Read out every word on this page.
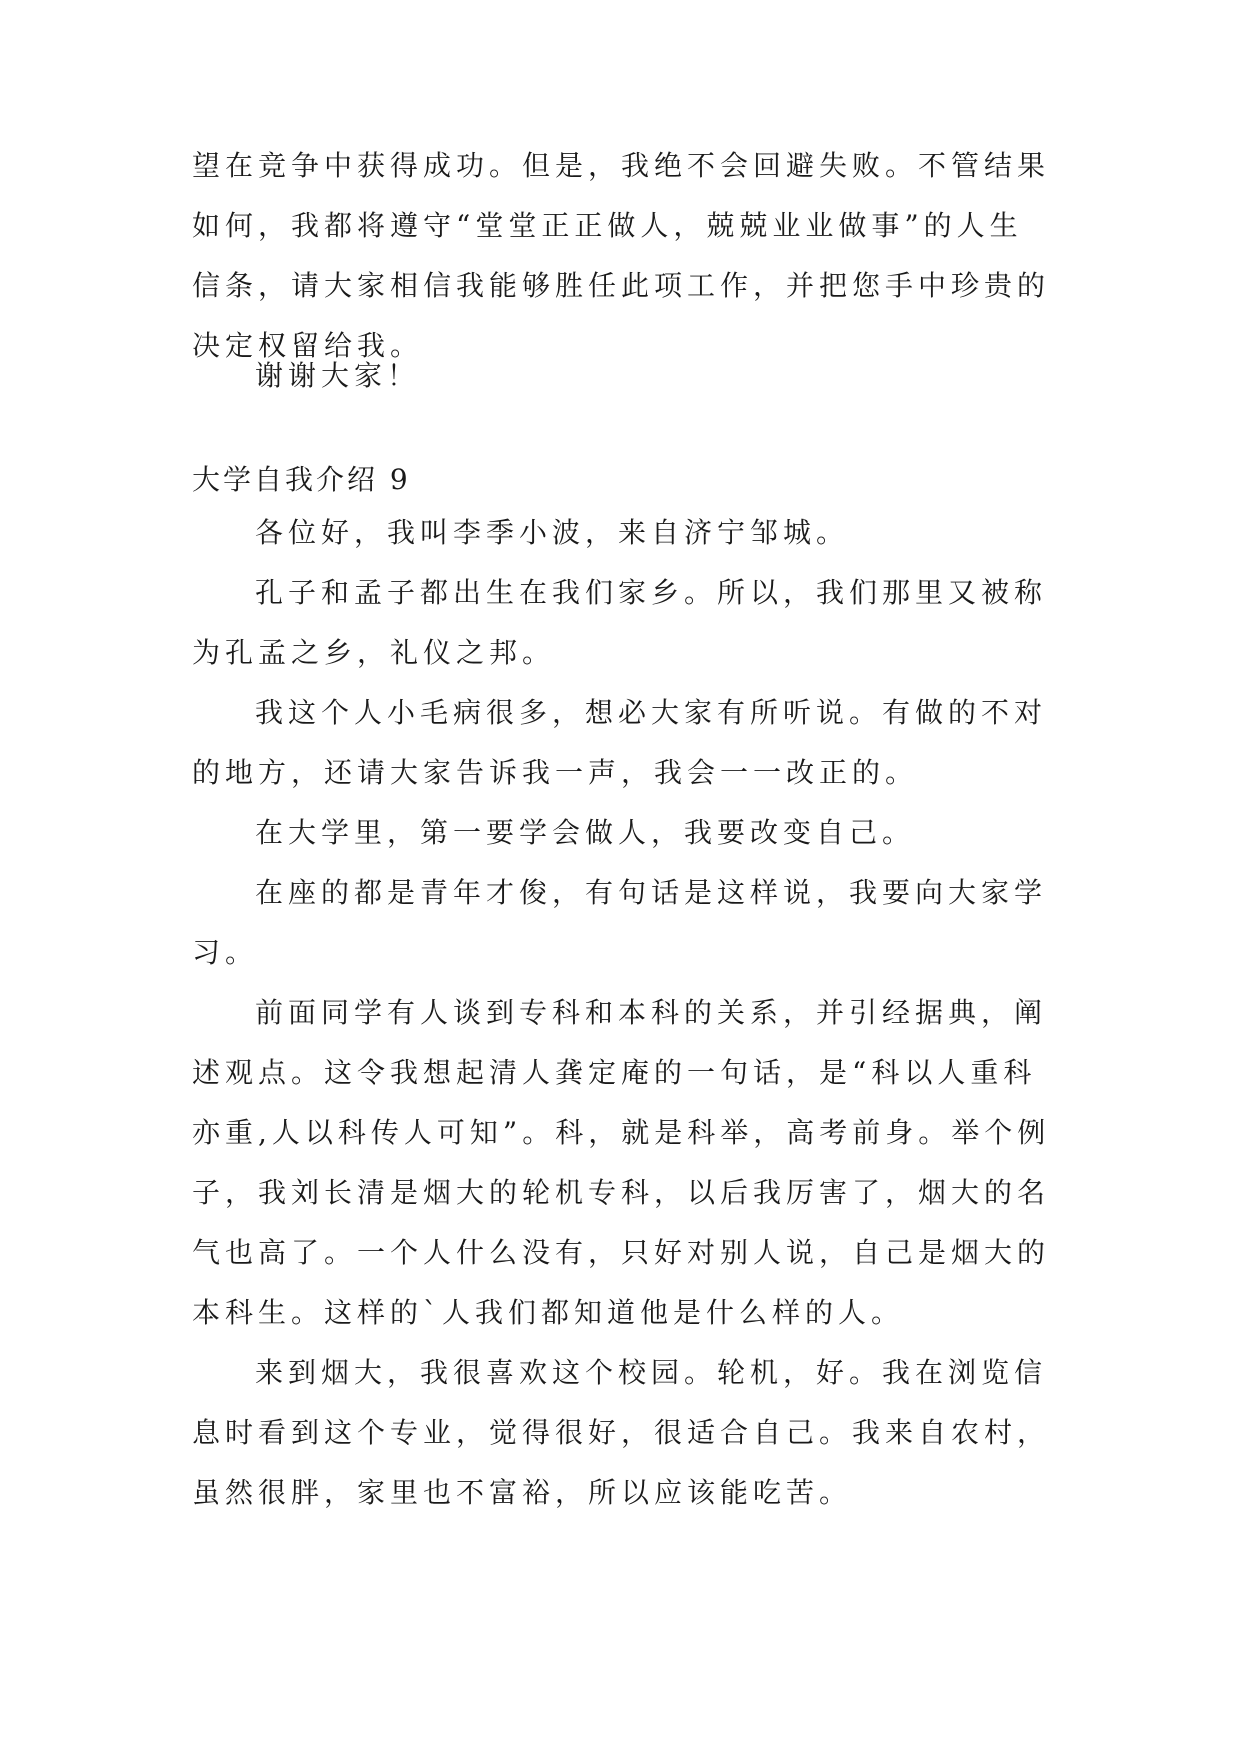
望在竞争中获得成功。但是，我绝不会回避失败。不管结果
如何，我都将遵守“堂堂正正做人，兢兢业业做事”的人生
信条，请大家相信我能够胜任此项工作，并把您手中珍贵的
决定权留给我。
谢谢大家！
大学自我介绍 9
各位好，我叫李季小波，来自济宁邹城。
孔子和孟子都出生在我们家乡。所以，我们那里又被称
为孔孟之乡，礼仪之邦。
我这个人小毛病很多，想必大家有所听说。有做的不对
的地方，还请大家告诉我一声，我会一一改正的。
在大学里，第一要学会做人，我要改变自己。
在座的都是青年才俊，有句话是这样说，我要向大家学
习。
前面同学有人谈到专科和本科的关系，并引经据典，阐
述观点。这令我想起清人龚定庵的一句话，是“科以人重科
亦重,人以科传人可知”。科，就是科举，高考前身。举个例
子，我刘长清是烟大的轮机专科，以后我厉害了，烟大的名
气也高了。一个人什么没有，只好对别人说，自己是烟大的
本科生。这样的`人我们都知道他是什么样的人。
来到烟大，我很喜欢这个校园。轮机，好。我在浏览信
息时看到这个专业，觉得很好，很适合自己。我来自农村，
虽然很胖，家里也不富裕，所以应该能吃苦。
